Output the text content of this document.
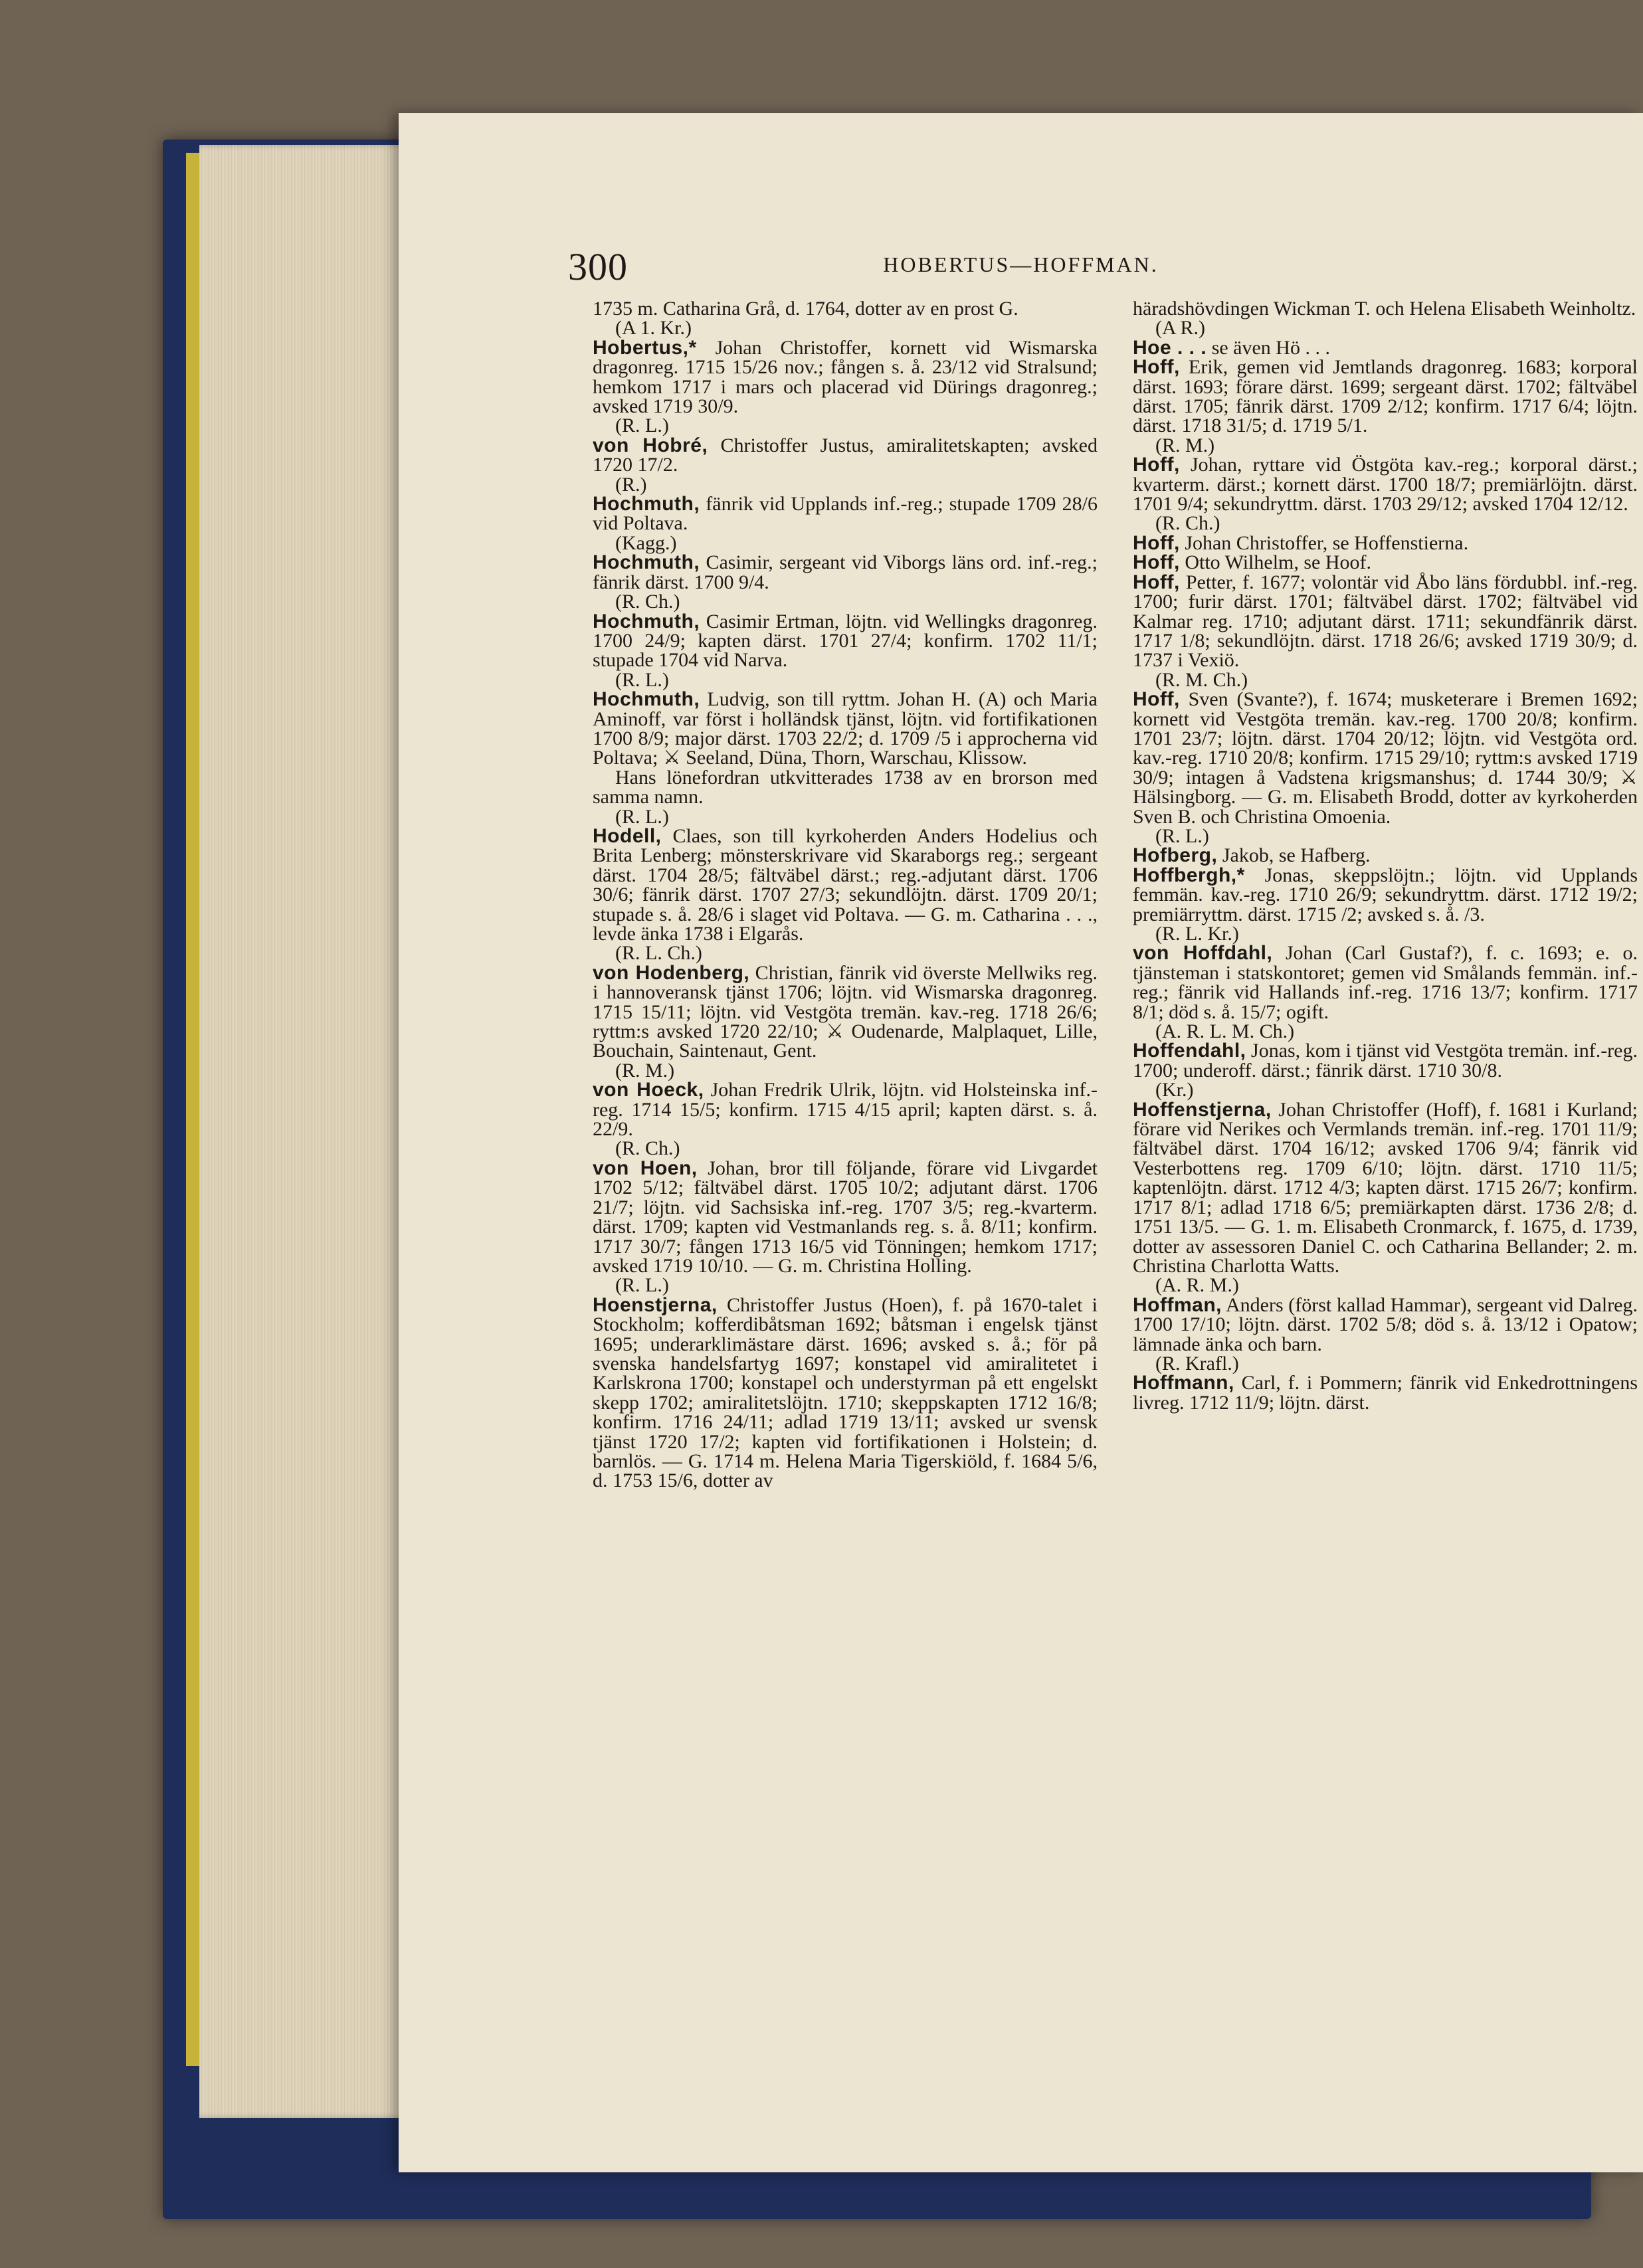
300	HOBERTUS—HOFFMAN.

1735 m. Catharina Grå, d. 1764, dotter av en prost G.

(A 1. Kr.)

Hobertus,* Johan Christoffer, kornett vid Wismarska dragonreg. 1715 15/26 nov.; fången s. å. 23/12 vid Stralsund; hemkom 1717 i mars och placerad vid Dürings dragonreg.; avsked 1719 30/9.

(R. L.)

von Hobré, Christoffer Justus, amiralitetskapten; avsked 1720 17/2.

(R.)

Hochmuth, fänrik vid Upplands inf.-reg.; stupade 1709 28/6 vid Poltava.

(Kagg.)

Hochmuth, Casimir, sergeant vid Viborgs läns ord. inf.-reg.; fänrik därst. 1700 9/4.

(R. Ch.)

Hochmuth, Casimir Ertman, löjtn. vid Wellingks dragonreg. 1700 24/9; kapten därst. 1701 27/4; konfirm. 1702 11/1; stupade 1704 vid Narva.

(R. L.)

Hochmuth, Ludvig, son till ryttm. Johan H. (A) och Maria Aminoff, var först i holländsk tjänst, löjtn. vid fortifikationen 1700 8/9; major därst. 1703 22/2; d. 1709 /5 i approcherna vid Poltava; ⚔ Seeland, Düna, Thorn, Warschau, Klissow.

Hans lönefordran utkvitterades 1738 av en brorson med samma namn.

(R. L.)

Hodell, Claes, son till kyrkoherden Anders Hodelius och Brita Lenberg; mönsterskrivare vid Skaraborgs reg.; sergeant därst. 1704 28/5; fältväbel därst.; reg.-adjutant därst. 1706 30/6; fänrik därst. 1707 27/3; sekundlöjtn. därst. 1709 20/1; stupade s. å. 28/6 i slaget vid Poltava. — G. m. Catharina . . ., levde änka 1738 i Elgarås.

(R. L. Ch.)

von Hodenberg, Christian, fänrik vid överste Mellwiks reg. i hannoveransk tjänst 1706; löjtn. vid Wismarska dragonreg. 1715 15/11; löjtn. vid Vestgöta tremän. kav.-reg. 1718 26/6; ryttm:s avsked 1720 22/10; ⚔ Oudenarde, Malplaquet, Lille, Bouchain, Saintenaut, Gent.

(R. M.)

von Hoeck, Johan Fredrik Ulrik, löjtn. vid Holsteinska inf.-reg. 1714 15/5; konfirm. 1715 4/15 april; kapten därst. s. å. 22/9.

(R. Ch.)

von Hoen, Johan, bror till följande, förare vid Livgardet 1702 5/12; fältväbel därst. 1705 10/2; adjutant därst. 1706 21/7; löjtn. vid Sachsiska inf.-reg. 1707 3/5; reg.-kvarterm. därst. 1709; kapten vid Vestmanlands reg. s. å. 8/11; konfirm. 1717 30/7; fången 1713 16/5 vid Tönningen; hemkom 1717; avsked 1719 10/10. — G. m. Christina Holling.

(R. L.)

Hoenstjerna, Christoffer Justus (Hoen), f. på 1670-talet i Stockholm; kofferdibåtsman 1692; båtsman i engelsk tjänst 1695; underarklimästare därst. 1696; avsked s. å.; för på svenska handelsfartyg 1697; konstapel vid amiralitetet i Karlskrona 1700; konstapel och understyrman på ett engelskt skepp 1702; amiralitetslöjtn. 1710; skeppskapten 1712 16/8; konfirm. 1716 24/11; adlad 1719 13/11; avsked ur svensk tjänst 1720 17/2; kapten vid fortifikationen i Holstein; d. barnlös. — G. 1714 m. Helena Maria Tigerskiöld, f. 1684 5/6, d. 1753 15/6, dotter av

häradshövdingen Wickman T. och Helena Elisabeth Weinholtz.

(A R.)

Hoe . . . se även Hö . . .

Hoff, Erik, gemen vid Jemtlands dragonreg. 1683; korporal därst. 1693; förare därst. 1699; sergeant därst. 1702; fältväbel därst. 1705; fänrik därst. 1709 2/12; konfirm. 1717 6/4; löjtn. därst. 1718 31/5; d. 1719 5/1.

(R. M.)

Hoff, Johan, ryttare vid Östgöta kav.-reg.; korporal därst.; kvarterm. därst.; kornett därst. 1700 18/7; premiärlöjtn. därst. 1701 9/4; sekundryttm. därst. 1703 29/12; avsked 1704 12/12.

(R. Ch.)

Hoff, Johan Christoffer, se Hoffenstierna.

Hoff, Otto Wilhelm, se Hoof.

Hoff, Petter, f. 1677; volontär vid Åbo läns fördubbl. inf.-reg. 1700; furir därst. 1701; fältväbel därst. 1702; fältväbel vid Kalmar reg. 1710; adjutant därst. 1711; sekundfänrik därst. 1717 1/8; sekundlöjtn. därst. 1718 26/6; avsked 1719 30/9; d. 1737 i Vexiö.

(R. M. Ch.)

Hoff, Sven (Svante?), f. 1674; musketerare i Bremen 1692; kornett vid Vestgöta tremän. kav.-reg. 1700 20/8; konfirm. 1701 23/7; löjtn. därst. 1704 20/12; löjtn. vid Vestgöta ord. kav.-reg. 1710 20/8; konfirm. 1715 29/10; ryttm:s avsked 1719 30/9; intagen å Vadstena krigsmanshus; d. 1744 30/9; ⚔ Hälsingborg. — G. m. Elisabeth Brodd, dotter av kyrkoherden Sven B. och Christina Omoenia.

(R. L.)

Hofberg, Jakob, se Hafberg.

Hoffbergh,* Jonas, skeppslöjtn.; löjtn. vid Upplands femmän. kav.-reg. 1710 26/9; sekundryttm. därst. 1712 19/2; premiärryttm. därst. 1715 /2; avsked s. å. /3.

(R. L. Kr.)

von Hoffdahl, Johan (Carl Gustaf?), f. c. 1693; e. o. tjänsteman i statskontoret; gemen vid Smålands femmän. inf.-reg.; fänrik vid Hallands inf.-reg. 1716 13/7; konfirm. 1717 8/1; död s. å. 15/7; ogift.

(A. R. L. M. Ch.)

Hoffendahl, Jonas, kom i tjänst vid Vestgöta tremän. inf.-reg. 1700; underoff. därst.; fänrik därst. 1710 30/8.

(Kr.)

Hoffenstjerna, Johan Christoffer (Hoff), f. 1681 i Kurland; förare vid Nerikes och Vermlands tremän. inf.-reg. 1701 11/9; fältväbel därst. 1704 16/12; avsked 1706 9/4; fänrik vid Vesterbottens reg. 1709 6/10; löjtn. därst. 1710 11/5; kaptenlöjtn. därst. 1712 4/3; kapten därst. 1715 26/7; konfirm. 1717 8/1; adlad 1718 6/5; premiärkapten därst. 1736 2/8; d. 1751 13/5. — G. 1. m. Elisabeth Cronmarck, f. 1675, d. 1739, dotter av assessoren Daniel C. och Catharina Bellander; 2. m. Christina Charlotta Watts.

(A. R. M.)

Hoffman, Anders (först kallad Hammar), sergeant vid Dalreg. 1700 17/10; löjtn. därst. 1702 5/8; död s. å. 13/12 i Opatow; lämnade änka och barn.

(R. Krafl.)

Hoffmann, Carl, f. i Pommern; fänrik vid Enkedrottningens livreg. 1712 11/9; löjtn. därst.
